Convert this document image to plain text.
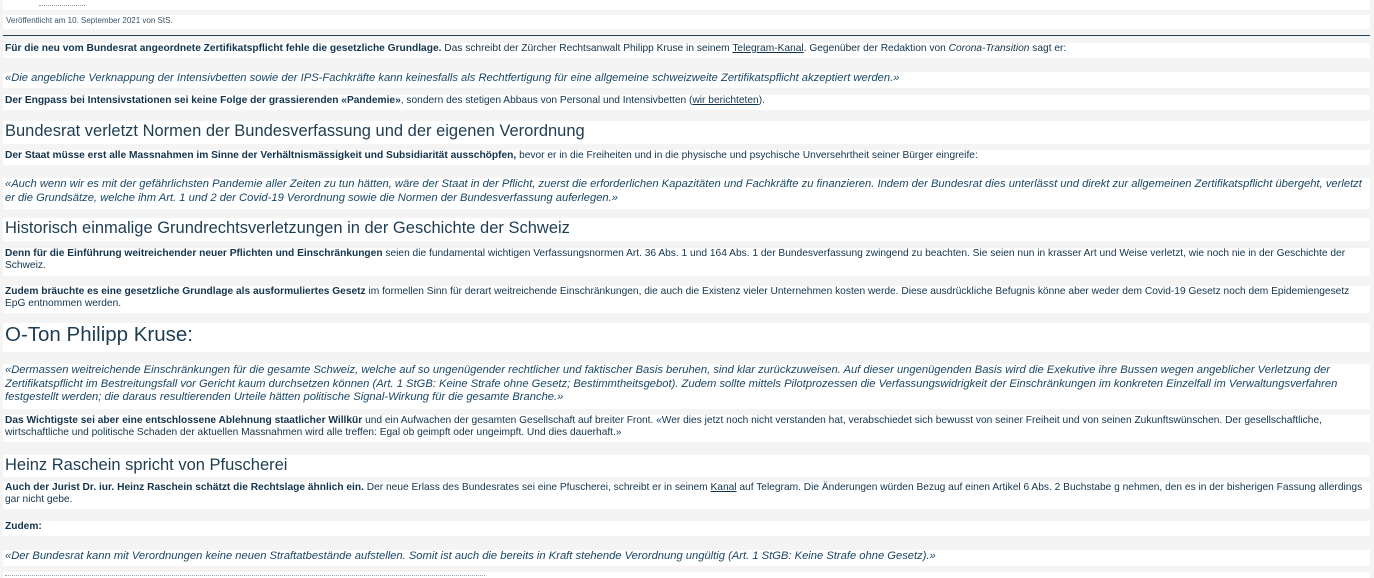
Veröffentlicht am 10. September 2021 von StS.
Für die neu vom Bundesrat angeordnete Zertifikatspflicht fehle die gesetzliche Grundlage. Das schreibt der Zürcher Rechtsanwalt Philipp Kruse in seinem Telegram-Kanal. Gegenüber der Redaktion von Corona-Transition sagt er:
«Die angebliche Verknappung der Intensivbetten sowie der IPS-Fachkräfte kann keinesfalls als Rechtfertigung für eine allgemeine schweizweite Zertifikatspflicht akzeptiert werden.»
Der Engpass bei Intensivstationen sei keine Folge der grassierenden «Pandemie», sondern des stetigen Abbaus von Personal und Intensivbetten (wir berichteten).
Bundesrat verletzt Normen der Bundesverfassung und der eigenen Verordnung
Der Staat müsse erst alle Massnahmen im Sinne der Verhältnismässigkeit und Subsidiarität ausschöpfen, bevor er in die Freiheiten und in die physische und psychische Unversehrtheit seiner Bürger eingreife:
«Auch wenn wir es mit der gefährlichsten Pandemie aller Zeiten zu tun hätten, wäre der Staat in der Pflicht, zuerst die erforderlichen Kapazitäten und Fachkräfte zu finanzieren. Indem der Bundesrat dies unterlässt und direkt zur allgemeinen Zertifikatspflicht übergeht, verletzt er die Grundsätze, welche ihm Art. 1 und 2 der Covid-19 Verordnung sowie die Normen der Bundesverfassung auferlegen.»
Historisch einmalige Grundrechtsverletzungen in der Geschichte der Schweiz
Denn für die Einführung weitreichender neuer Pflichten und Einschränkungen seien die fundamental wichtigen Verfassungsnormen Art. 36 Abs. 1 und 164 Abs. 1 der Bundesverfassung zwingend zu beachten. Sie seien nun in krasser Art und Weise verletzt, wie noch nie in der Geschichte der Schweiz.
Zudem bräuchte es eine gesetzliche Grundlage als ausformuliertes Gesetz im formellen Sinn für derart weitreichende Einschränkungen, die auch die Existenz vieler Unternehmen kosten werde. Diese ausdrückliche Befugnis könne aber weder dem Covid-19 Gesetz noch dem Epidemiengesetz EpG entnommen werden.
O-Ton Philipp Kruse:
«Dermassen weitreichende Einschränkungen für die gesamte Schweiz, welche auf so ungenügender rechtlicher und faktischer Basis beruhen, sind klar zurückzuweisen. Auf dieser ungenügenden Basis wird die Exekutive ihre Bussen wegen angeblicher Verletzung der Zertifikatspflicht im Bestreitungsfall vor Gericht kaum durchsetzen können (Art. 1 StGB: Keine Strafe ohne Gesetz; Bestimmtheitsgebot). Zudem sollte mittels Pilotprozessen die Verfassungswidrigkeit der Einschränkungen im konkreten Einzelfall im Verwaltungsverfahren festgestellt werden; die daraus resultierenden Urteile hätten politische Signal-Wirkung für die gesamte Branche.»
Das Wichtigste sei aber eine entschlossene Ablehnung staatlicher Willkür und ein Aufwachen der gesamten Gesellschaft auf breiter Front. «Wer dies jetzt noch nicht verstanden hat, verabschiedet sich bewusst von seiner Freiheit und von seinen Zukunftswünschen. Der gesellschaftliche, wirtschaftliche und politische Schaden der aktuellen Massnahmen wird alle treffen: Egal ob geimpft oder ungeimpft. Und dies dauerhaft.»
Heinz Raschein spricht von Pfuscherei
Auch der Jurist Dr. iur. Heinz Raschein schätzt die Rechtslage ähnlich ein. Der neue Erlass des Bundesrates sei eine Pfuscherei, schreibt er in seinem Kanal auf Telegram. Die Änderungen würden Bezug auf einen Artikel 6 Abs. 2 Buchstabe g nehmen, den es in der bisherigen Fassung allerdings gar nicht gebe.
Zudem:
«Der Bundesrat kann mit Verordnungen keine neuen Straftatbestände aufstellen. Somit ist auch die bereits in Kraft stehende Verordnung ungültig (Art. 1 StGB: Keine Strafe ohne Gesetz).»
